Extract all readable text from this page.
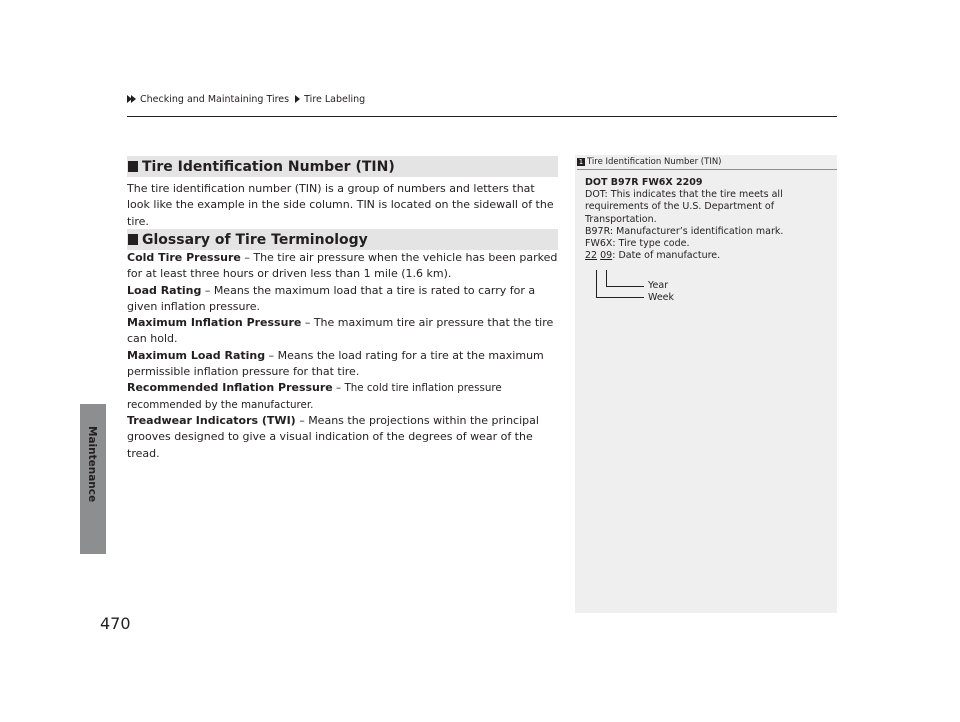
Checking and Maintaining Tires Tire Labeling
Maintenance
470
Tire Identification Number (TIN)
The tire identification number (TIN) is a group of numbers and letters that look like the example in the side column. TIN is located on the sidewall of the tire.
Glossary of Tire Terminology
Cold Tire Pressure – The tire air pressure when the vehicle has been parked for at least three hours or driven less than 1 mile (1.6 km).
Load Rating – Means the maximum load that a tire is rated to carry for a given inflation pressure.
Maximum Inflation Pressure – The maximum tire air pressure that the tire can hold.
Maximum Load Rating – Means the load rating for a tire at the maximum permissible inflation pressure for that tire.
Recommended Inflation Pressure – The cold tire inflation pressure recommended by the manufacturer.
Treadwear Indicators (TWI) – Means the projections within the principal grooves designed to give a visual indication of the degrees of wear of the tread.
1 Tire Identification Number (TIN)
DOT B97R FW6X 2209
DOT: This indicates that the tire meets all requirements of the U.S. Department of Transportation.
B97R: Manufacturer’s identification mark.
FW6X: Tire type code.
22 09: Date of manufacture.
Year
Week
